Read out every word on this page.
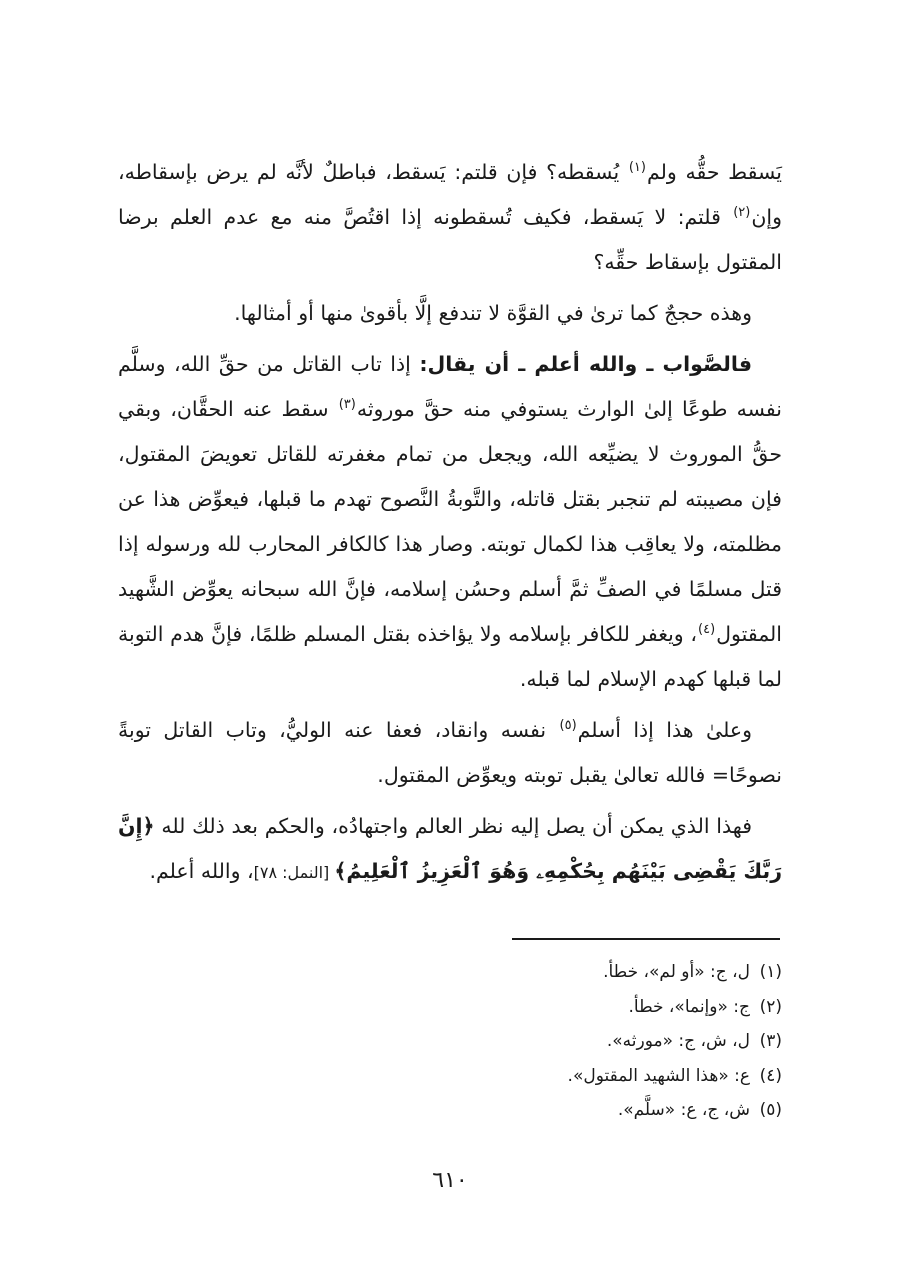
يَسقط حقُّه ولم$^{(١)}$ يُسقطه؟ فإن قلتم: يَسقط، فباطلٌ لأنَّه لم يرض بإسقاطه، وإن$^{(٢)}$ قلتم: لا يَسقط، فكيف تُسقطونه إذا اقتُصَّ منه مع عدم العلم برضا المقتول بإسقاط حقِّه؟

وهذه حججٌ كما ترىٰ في القوَّة لا تندفع إلَّا بأقوىٰ منها أو أمثالها.

فالصَّواب ـ والله أعلم ـ أن يقال: إذا تاب القاتل من حقِّ الله، وسلَّم نفسه طوعًا إلىٰ الوارث يستوفي منه حقَّ موروثه$^{(٣)}$ سقط عنه الحقَّان، وبقي حقُّ الموروث لا يضيِّعه الله، ويجعل من تمام مغفرته للقاتل تعويضَ المقتول، فإن مصيبته لم تنجبر بقتل قاتله، والتَّوبةُ النَّصوح تهدم ما قبلها، فيعوِّض هذا عن مظلمته، ولا يعاقِب هذا لكمال توبته. وصار هذا كالكافر المحارب لله ورسوله إذا قتل مسلمًا في الصفِّ ثمَّ أسلم وحسُن إسلامه، فإنَّ الله سبحانه يعوِّض الشَّهيد المقتول$^{(٤)}$، ويغفر للكافر بإسلامه ولا يؤاخذه بقتل المسلم ظلمًا، فإنَّ هدم التوبة لما قبلها كهدم الإسلام لما قبله.

وعلىٰ هذا إذا أسلم$^{(٥)}$ نفسه وانقاد، فعفا عنه الوليُّ، وتاب القاتل توبةً نصوحًا= فالله تعالىٰ يقبل توبته ويعوِّض المقتول.

فهذا الذي يمكن أن يصل إليه نظر العالم واجتهادُه، والحكم بعد ذلك لله ﴿إِنَّ رَبَّكَ يَقْضِى بَيْنَهُم بِحُكْمِهِۦ وَهُوَ ٱلْعَزِيزُ ٱلْعَلِيمُ﴾ [النمل: ٧٨]، والله أعلم.

(١)ل، ج: «أو لم»، خطأ.
(٢)ج: «وإنما»، خطأ.
(٣)ل، ش، ج: «مورثه».
(٤)ع: «هذا الشهيد المقتول».
(٥)ش، ج، ع: «سلَّم».
٦١٠
